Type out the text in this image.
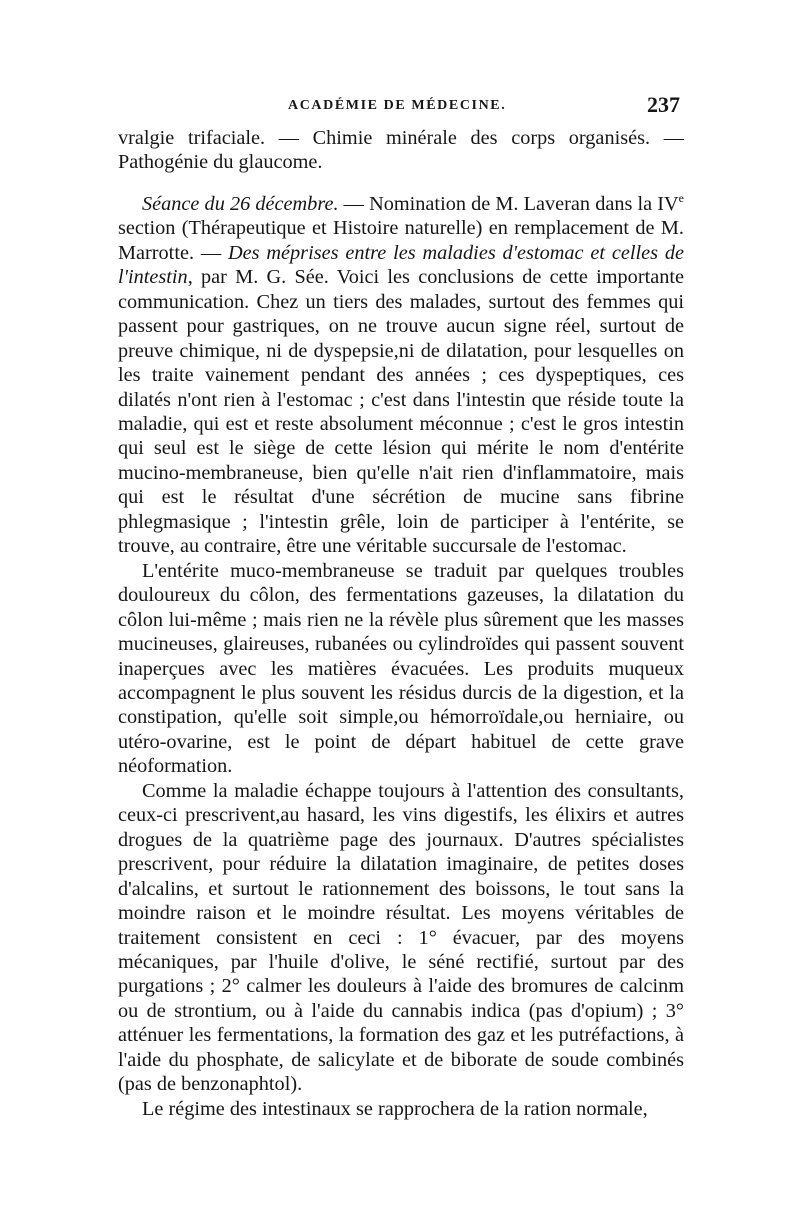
ACADÉMIE DE MÉDECINE.	237

vralgie trifaciale. — Chimie minérale des corps organisés. — Pathogénie du glaucome.

Séance du 26 décembre. — Nomination de M. Laveran dans la IVe section (Thérapeutique et Histoire naturelle) en remplacement de M. Marrotte. — Des méprises entre les maladies d'estomac et celles de l'intestin, par M. G. Sée. Voici les conclusions de cette importante communication. Chez un tiers des malades, surtout des femmes qui passent pour gastriques, on ne trouve aucun signe réel, surtout de preuve chimique, ni de dyspepsie,ni de dilatation, pour lesquelles on les traite vainement pendant des années ; ces dyspeptiques, ces dilatés n'ont rien à l'estomac ; c'est dans l'intestin que réside toute la maladie, qui est et reste absolument méconnue ; c'est le gros intestin qui seul est le siège de cette lésion qui mérite le nom d'entérite mucino-membraneuse, bien qu'elle n'ait rien d'inflammatoire, mais qui est le résultat d'une sécrétion de mucine sans fibrine phlegmasique ; l'intestin grêle, loin de participer à l'entérite, se trouve, au contraire, être une véritable succursale de l'estomac.

L'entérite muco-membraneuse se traduit par quelques troubles douloureux du côlon, des fermentations gazeuses, la dilatation du côlon lui-même ; mais rien ne la révèle plus sûrement que les masses mucineuses, glaireuses, rubanées ou cylindroïdes qui passent souvent inaperçues avec les matières évacuées. Les produits muqueux accompagnent le plus souvent les résidus durcis de la digestion, et la constipation, qu'elle soit simple,ou hémorroïdale,ou herniaire, ou utéro-ovarine, est le point de départ habituel de cette grave néoformation.

Comme la maladie échappe toujours à l'attention des consultants, ceux-ci prescrivent,au hasard, les vins digestifs, les élixirs et autres drogues de la quatrième page des journaux. D'autres spécialistes prescrivent, pour réduire la dilatation imaginaire, de petites doses d'alcalins, et surtout le rationnement des boissons, le tout sans la moindre raison et le moindre résultat. Les moyens véritables de traitement consistent en ceci : 1° évacuer, par des moyens mécaniques, par l'huile d'olive, le séné rectifié, surtout par des purgations ; 2° calmer les douleurs à l'aide des bromures de calcinm ou de strontium, ou à l'aide du cannabis indica (pas d'opium) ; 3° atténuer les fermentations, la formation des gaz et les putréfactions, à l'aide du phosphate, de salicylate et de biborate de soude combinés (pas de benzonaphtol).

Le régime des intestinaux se rapprochera de la ration normale,
